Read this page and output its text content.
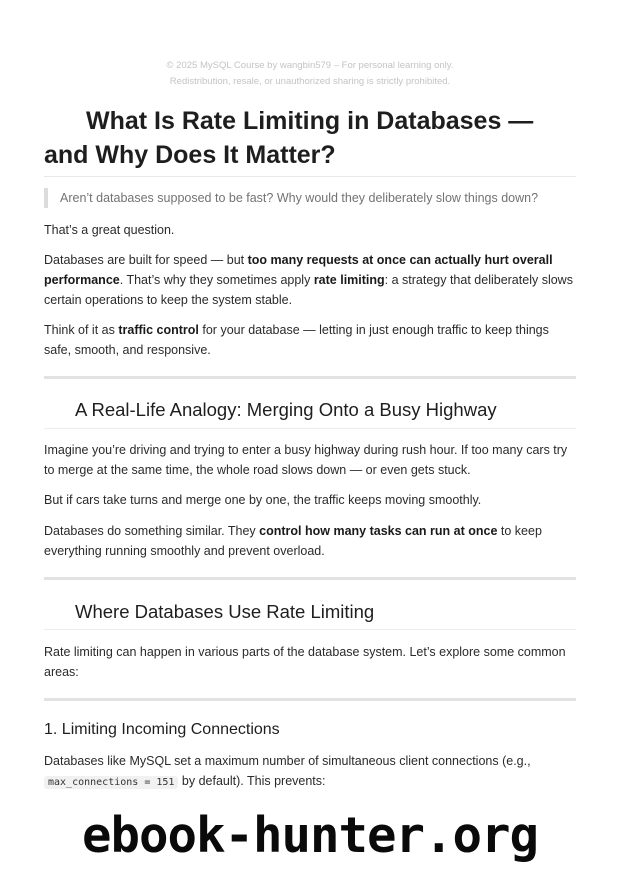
© 2025 MySQL Course by wangbin579 – For personal learning only.
Redistribution, resale, or unauthorized sharing is strictly prohibited.
What Is Rate Limiting in Databases — and Why Does It Matter?
Aren’t databases supposed to be fast? Why would they deliberately slow things down?

That’s a great question.

Databases are built for speed — but too many requests at once can actually hurt overall performance. That’s why they sometimes apply rate limiting: a strategy that deliberately slows certain operations to keep the system stable.

Think of it as traffic control for your database — letting in just enough traffic to keep things safe, smooth, and responsive.

A Real-Life Analogy: Merging Onto a Busy Highway

Imagine you’re driving and trying to enter a busy highway during rush hour. If too many cars try to merge at the same time, the whole road slows down — or even gets stuck.

But if cars take turns and merge one by one, the traffic keeps moving smoothly.

Databases do something similar. They control how many tasks can run at once to keep everything running smoothly and prevent overload.

Where Databases Use Rate Limiting

Rate limiting can happen in various parts of the database system. Let’s explore some common areas:

1. Limiting Incoming Connections

Databases like MySQL set a maximum number of simultaneous client connections (e.g., max_connections = 151 by default). This prevents:

ebook-hunter.org
